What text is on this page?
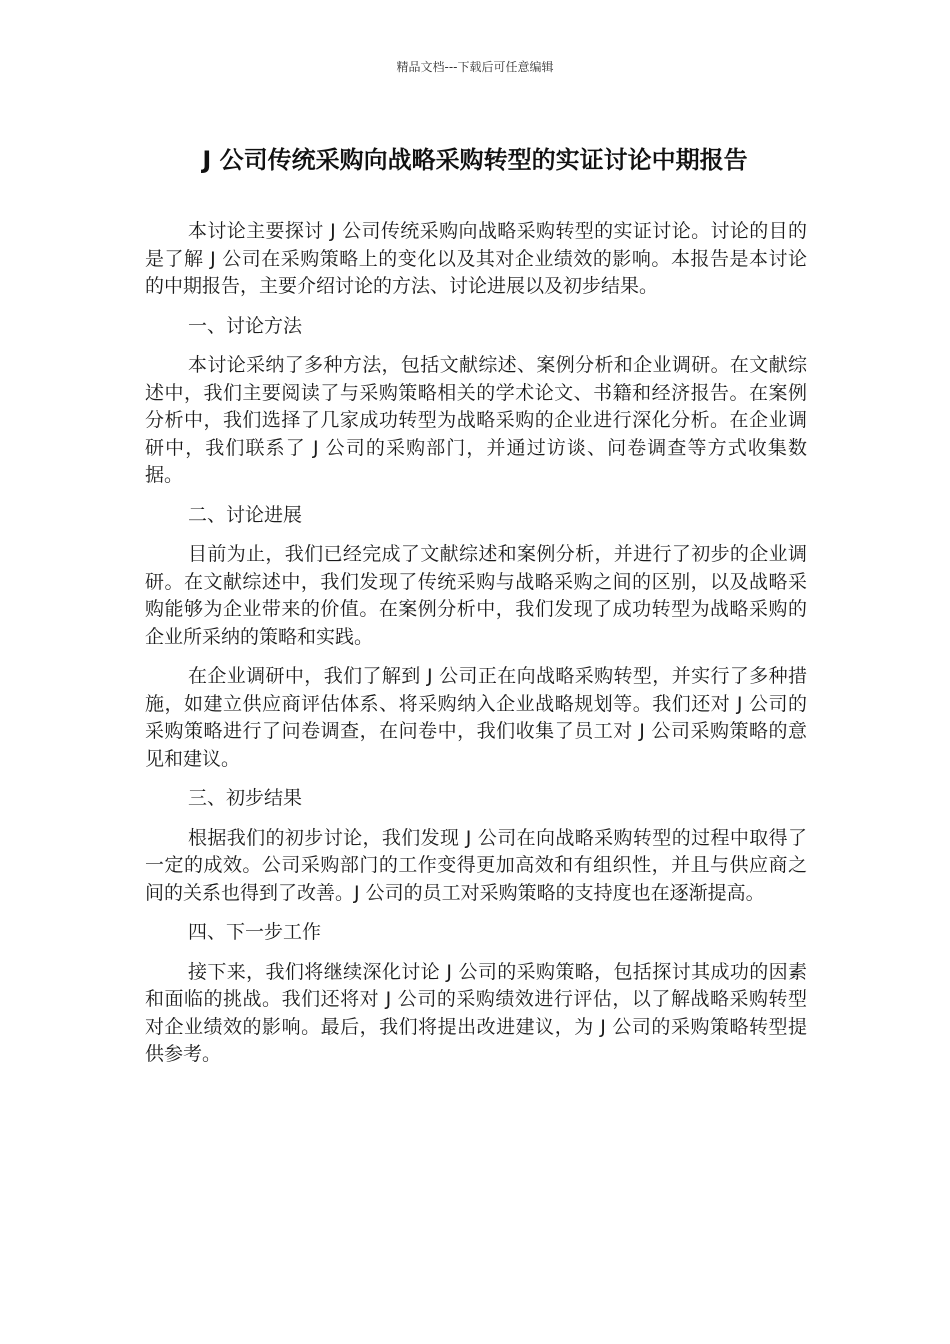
精品文档---下载后可任意编辑
J 公司传统采购向战略采购转型的实证讨论中期报告

本讨论主要探讨 J 公司传统采购向战略采购转型的实证讨论。讨论的目的是了解 J 公司在采购策略上的变化以及其对企业绩效的影响。本报告是本讨论的中期报告，主要介绍讨论的方法、讨论进展以及初步结果。

一、讨论方法

本讨论采纳了多种方法，包括文献综述、案例分析和企业调研。在文献综述中，我们主要阅读了与采购策略相关的学术论文、书籍和经济报告。在案例分析中，我们选择了几家成功转型为战略采购的企业进行深化分析。在企业调研中，我们联系了 J 公司的采购部门，并通过访谈、问卷调查等方式收集数据。

二、讨论进展

目前为止，我们已经完成了文献综述和案例分析，并进行了初步的企业调研。在文献综述中，我们发现了传统采购与战略采购之间的区别，以及战略采购能够为企业带来的价值。在案例分析中，我们发现了成功转型为战略采购的企业所采纳的策略和实践。

在企业调研中，我们了解到 J 公司正在向战略采购转型，并实行了多种措施，如建立供应商评估体系、将采购纳入企业战略规划等。我们还对 J 公司的采购策略进行了问卷调查，在问卷中，我们收集了员工对 J 公司采购策略的意见和建议。

三、初步结果

根据我们的初步讨论，我们发现 J 公司在向战略采购转型的过程中取得了一定的成效。公司采购部门的工作变得更加高效和有组织性，并且与供应商之间的关系也得到了改善。J 公司的员工对采购策略的支持度也在逐渐提高。

四、下一步工作

接下来，我们将继续深化讨论 J 公司的采购策略，包括探讨其成功的因素和面临的挑战。我们还将对 J 公司的采购绩效进行评估，以了解战略采购转型对企业绩效的影响。最后，我们将提出改进建议，为 J 公司的采购策略转型提供参考。
